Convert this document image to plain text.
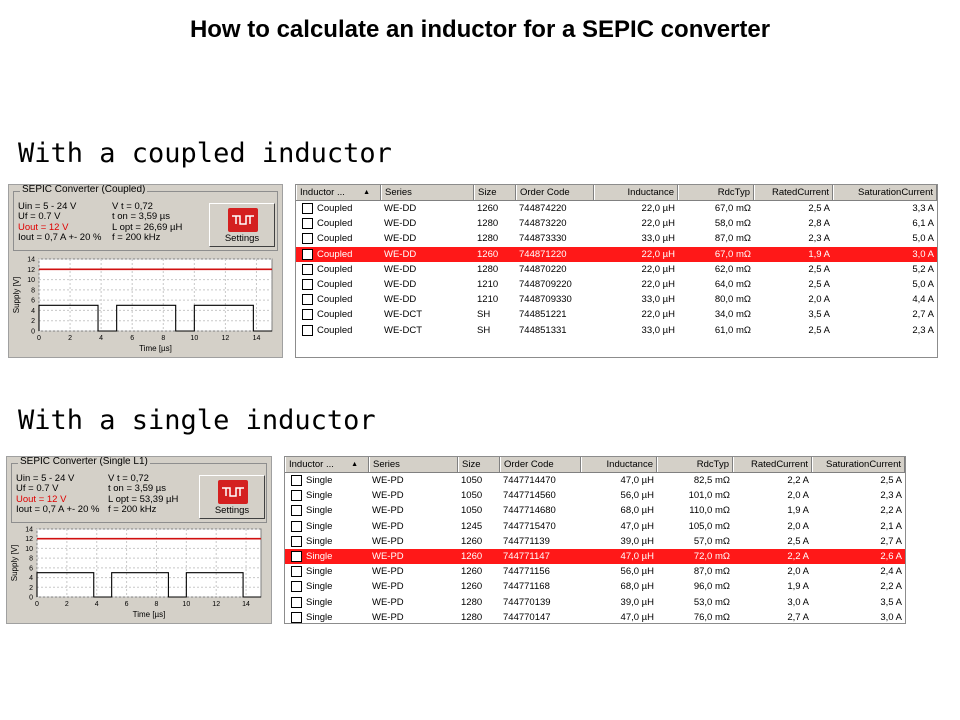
How to calculate an inductor for a SEPIC converter
With a coupled inductor
SEPIC Converter (Coupled)
Uin = 5 - 24 V
Uf = 0.7 V
Uout = 12 V
Iout = 0,7 A +- 20 %
V t = 0,72
t on = 3,59 µs
L opt = 26,69 µH
f = 200 kHz	Settings
0
2
4
6
8
10
12
14
0	2	4	6	8	10	12	14
Time [µs]
Supply [V]
Inductor ...	▲	Series	Size	Order Code	Inductance	RdcTyp	RatedCurrent	SaturationCurrent
Coupled	WE-DD	1260	744874220	22,0 µH	67,0 mΩ	2,5 A	3,3 A
Coupled	WE-DD	1280	744873220	22,0 µH	58,0 mΩ	2,8 A	6,1 A
Coupled	WE-DD	1280	744873330	33,0 µH	87,0 mΩ	2,3 A	5,0 A
Coupled	WE-DD	1260	744871220	22,0 µH	67,0 mΩ	1,9 A	3,0 A
Coupled	WE-DD	1280	744870220	22,0 µH	62,0 mΩ	2,5 A	5,2 A
Coupled	WE-DD	1210	7448709220	22,0 µH	64,0 mΩ	2,5 A	5,0 A
Coupled	WE-DD	1210	7448709330	33,0 µH	80,0 mΩ	2,0 A	4,4 A
Coupled	WE-DCT	SH	744851221	22,0 µH	34,0 mΩ	3,5 A	2,7 A
Coupled	WE-DCT	SH	744851331	33,0 µH	61,0 mΩ	2,5 A	2,3 A
With a single inductor
SEPIC Converter (Single L1)
Uin = 5 - 24 V
Uf = 0.7 V
Uout = 12 V
Iout = 0,7 A +- 20 %
V t = 0,72
t on = 3,59 µs
L opt = 53,39 µH
f = 200 kHz	Settings
0
2
4
6
8
10
12
14
0	2	4	6	8	10	12	14
Time [µs]
Supply [V]
Inductor ... ▲	Series	Size	Order Code	Inductance	RdcTyp	RatedCurrent	SaturationCurrent
Single	WE-PD	1050	7447714470	47,0 µH	82,5 mΩ	2,2 A	2,5 A
Single	WE-PD	1050	7447714560	56,0 µH	101,0 mΩ	2,0 A	2,3 A
Single	WE-PD	1050	7447714680	68,0 µH	110,0 mΩ	1,9 A	2,2 A
Single	WE-PD	1245	7447715470	47,0 µH	105,0 mΩ	2,0 A	2,1 A
Single	WE-PD	1260	744771139	39,0 µH	57,0 mΩ	2,5 A	2,7 A
Single	WE-PD	1260	744771147	47,0 µH	72,0 mΩ	2,2 A	2,6 A
Single	WE-PD	1260	744771156	56,0 µH	87,0 mΩ	2,0 A	2,4 A
Single	WE-PD	1260	744771168	68,0 µH	96,0 mΩ	1,9 A	2,2 A
Single	WE-PD	1280	744770139	39,0 µH	53,0 mΩ	3,0 A	3,5 A
Single	WE-PD	1280	744770147	47,0 µH	76,0 mΩ	2,7 A	3,0 A
